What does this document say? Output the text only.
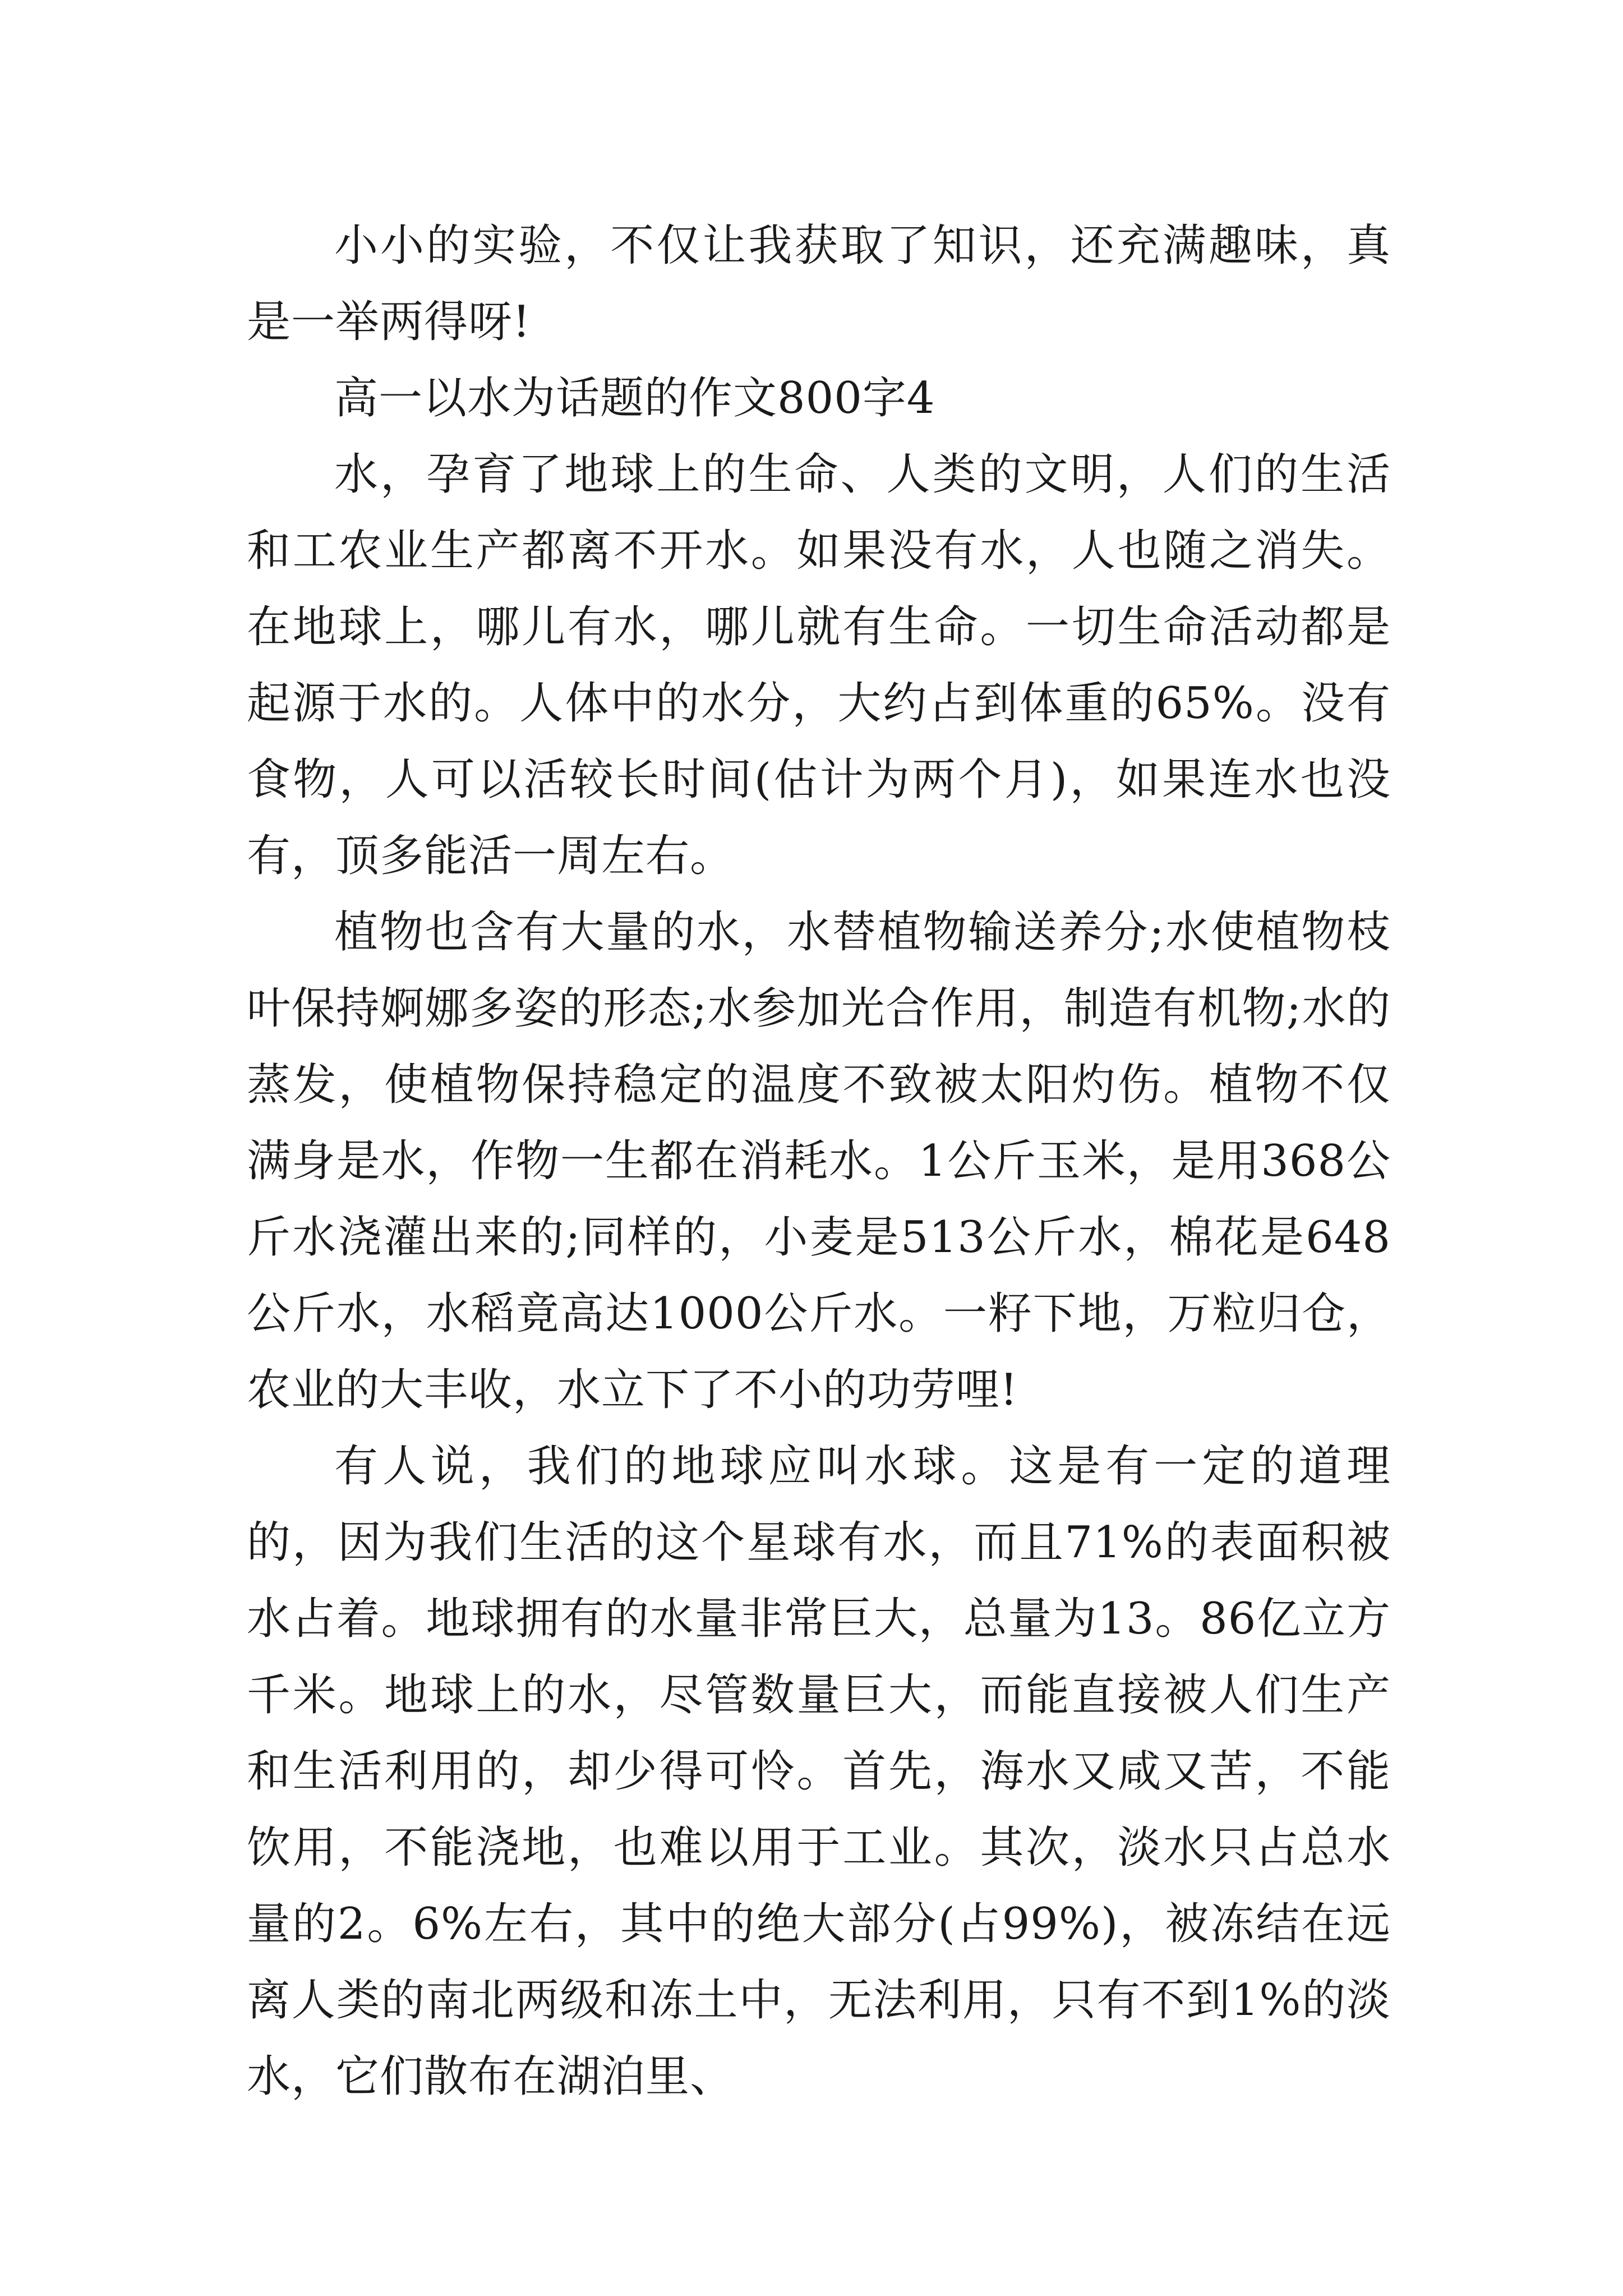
小小的实验，不仅让我获取了知识，还充满趣味，真是一举两得呀!

高一以水为话题的作文800字4

水，孕育了地球上的生命、人类的文明，人们的生活和工农业生产都离不开水。如果没有水，人也随之消失。在地球上，哪儿有水，哪儿就有生命。一切生命活动都是起源于水的。人体中的水分，大约占到体重的65%。没有食物，人可以活较长时间(估计为两个月)，如果连水也没有，顶多能活一周左右。

植物也含有大量的水，水替植物输送养分;水使植物枝叶保持婀娜多姿的形态;水参加光合作用，制造有机物;水的蒸发，使植物保持稳定的温度不致被太阳灼伤。植物不仅满身是水，作物一生都在消耗水。1公斤玉米，是用368公斤水浇灌出来的;同样的，小麦是513公斤水，棉花是648公斤水，水稻竟高达1000公斤水。一籽下地，万粒归仓，农业的大丰收，水立下了不小的功劳哩!

有人说，我们的地球应叫水球。这是有一定的道理的，因为我们生活的这个星球有水，而且71%的表面积被水占着。地球拥有的水量非常巨大，总量为13。86亿立方千米。地球上的水，尽管数量巨大，而能直接被人们生产和生活利用的，却少得可怜。首先，海水又咸又苦，不能饮用，不能浇地，也难以用于工业。其次，淡水只占总水量的2。6%左右，其中的绝大部分(占99%)，被冻结在远离人类的南北两级和冻土中，无法利用，只有不到1%的淡水，它们散布在湖泊里、
